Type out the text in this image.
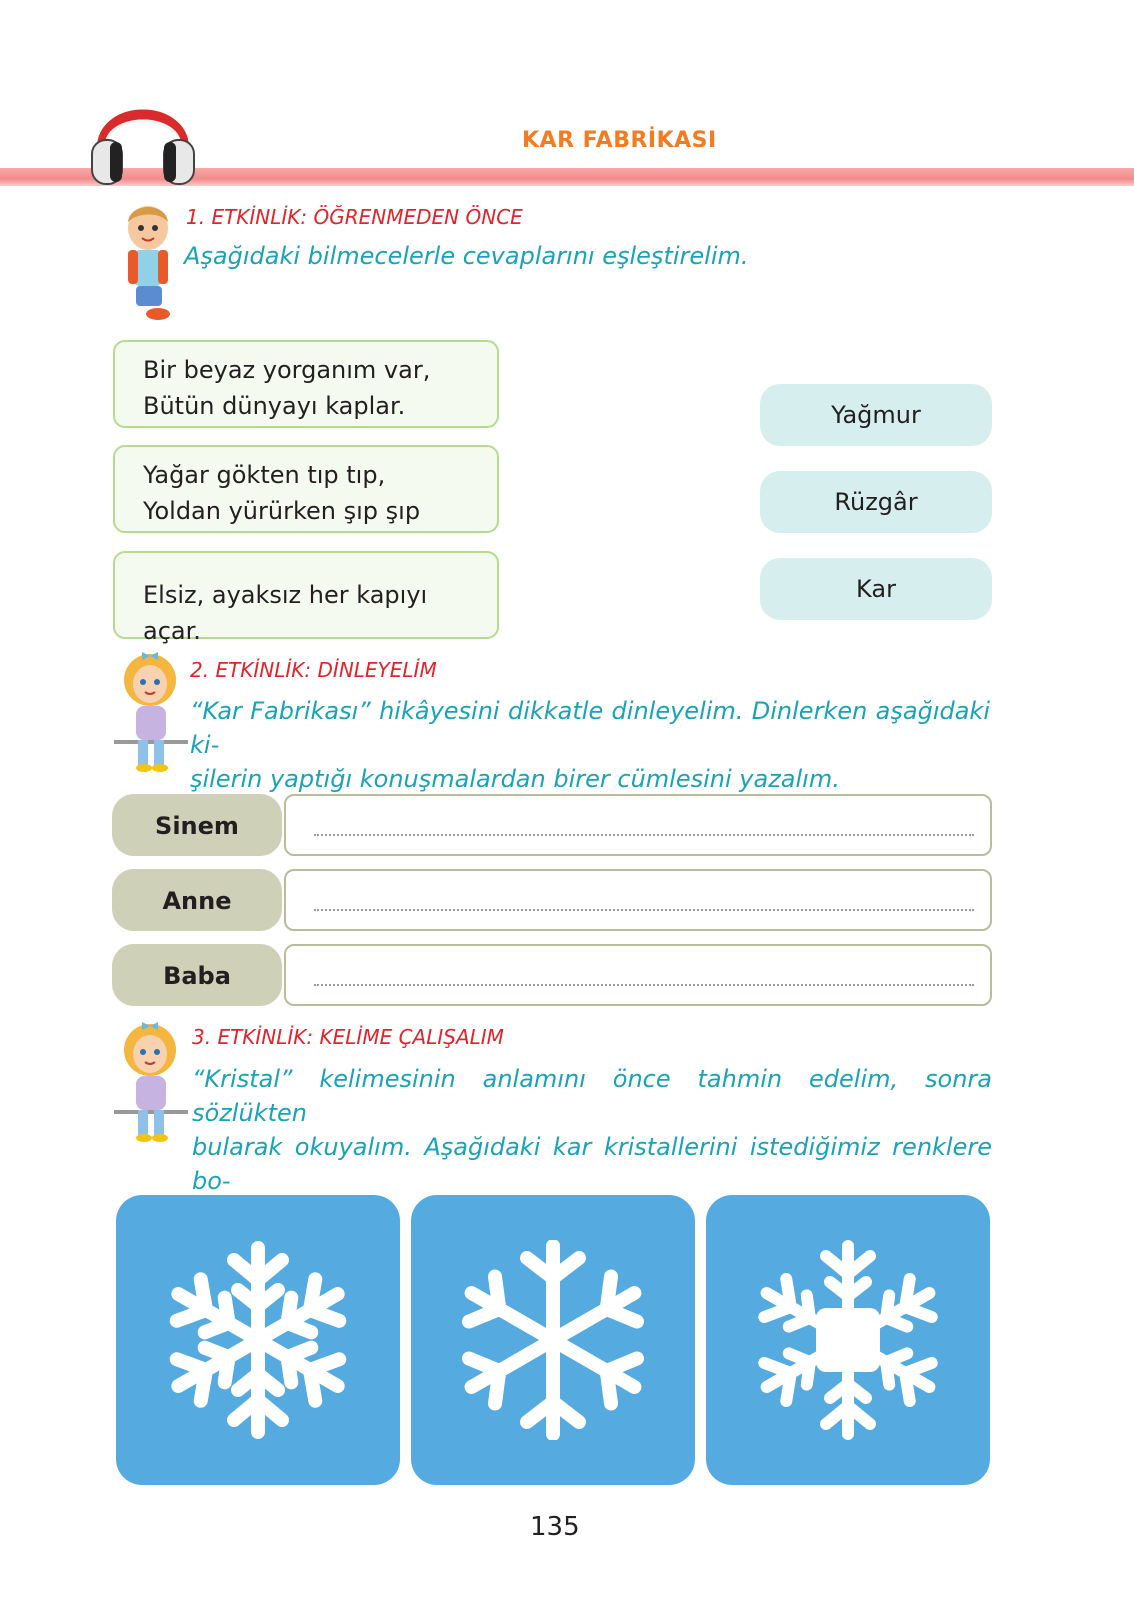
KAR FABRİKASI
1. ETKİNLİK: ÖĞRENMEDEN ÖNCE
Aşağıdaki bilmecelerle cevaplarını eşleştirelim.
Bir beyaz yorganım var,
Bütün dünyayı kaplar.
Yağar gökten tıp tıp,
Yoldan yürürken şıp şıp
Elsiz, ayaksız her kapıyı açar.
Yağmur
Rüzgâr
Kar
2. ETKİNLİK: DİNLEYELİM
“Kar Fabrikası” hikâyesini dikkatle dinleyelim. Dinlerken aşağıdaki ki-
şilerin yaptığı konuşmalardan birer cümlesini yazalım.
Sinem
Anne
Baba
3. ETKİNLİK: KELİME ÇALIŞALIM
“Kristal” kelimesinin anlamını önce tahmin edelim, sonra sözlükten
bularak okuyalım. Aşağıdaki kar kristallerini istediğimiz renklere bo-
135
